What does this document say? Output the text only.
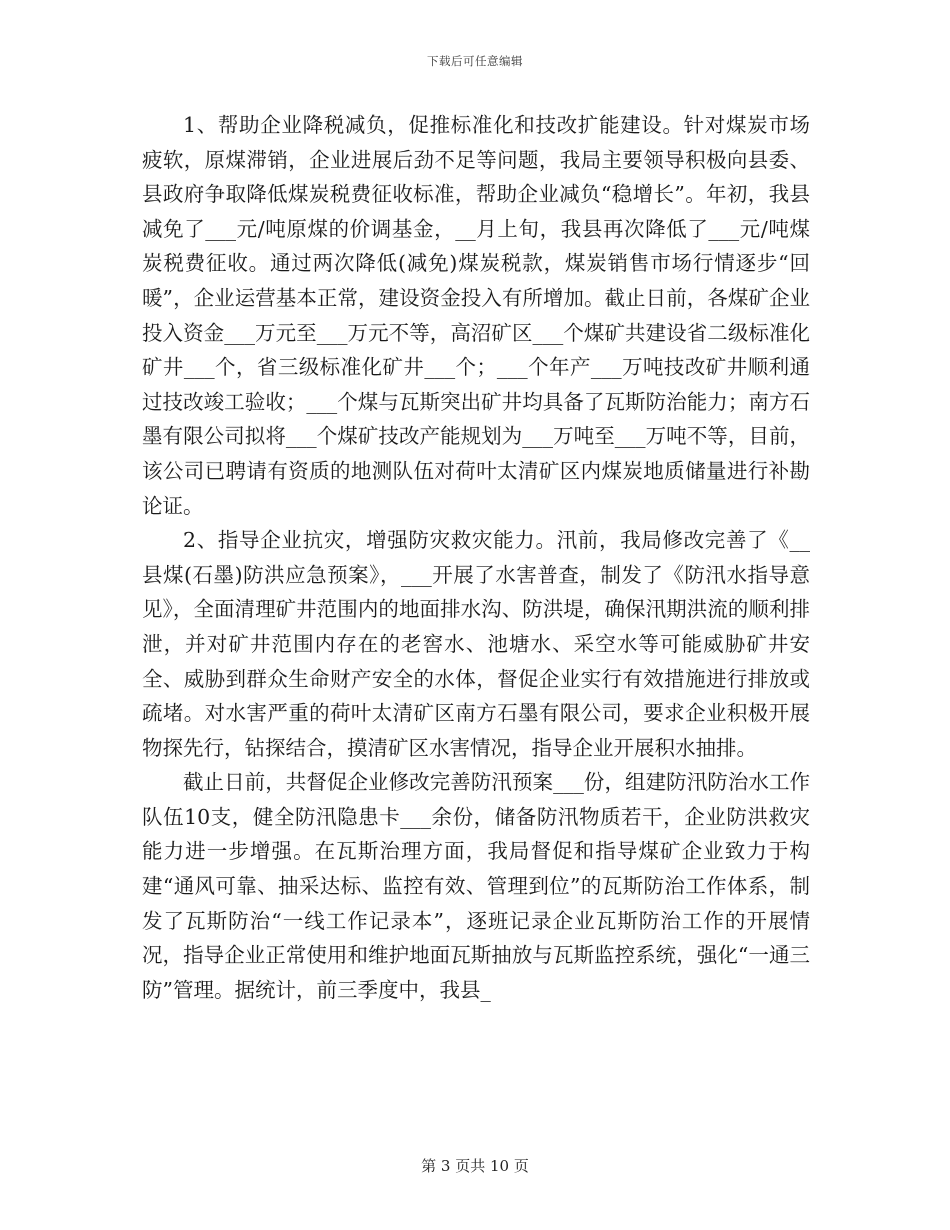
下载后可任意编辑

1、帮助企业降税减负，促推标准化和技改扩能建设。针对煤炭市场疲软，原煤滞销，企业进展后劲不足等问题，我局主要领导积极向县委、县政府争取降低煤炭税费征收标准，帮助企业减负“稳增长”。年初，我县减免了___元/吨原煤的价调基金，__月上旬，我县再次降低了___元/吨煤炭税费征收。通过两次降低(减免)煤炭税款，煤炭销售市场行情逐步“回暖”，企业运营基本正常，建设资金投入有所增加。截止日前，各煤矿企业投入资金___万元至___万元不等，高沼矿区___个煤矿共建设省二级标准化矿井___个，省三级标准化矿井___个；___个年产___万吨技改矿井顺利通过技改竣工验收；___个煤与瓦斯突出矿井均具备了瓦斯防治能力；南方石墨有限公司拟将___个煤矿技改产能规划为___万吨至___万吨不等，目前，该公司已聘请有资质的地测队伍对荷叶太清矿区内煤炭地质储量进行补勘论证。

2、指导企业抗灾，增强防灾救灾能力。汛前，我局修改完善了《__县煤(石墨)防洪应急预案》，___开展了水害普查，制发了《防汛水指导意见》，全面清理矿井范围内的地面排水沟、防洪堤，确保汛期洪流的顺利排泄，并对矿井范围内存在的老窖水、池塘水、采空水等可能威胁矿井安全、威胁到群众生命财产安全的水体，督促企业实行有效措施进行排放或疏堵。对水害严重的荷叶太清矿区南方石墨有限公司，要求企业积极开展物探先行，钻探结合，摸清矿区水害情况，指导企业开展积水抽排。

截止日前，共督促企业修改完善防汛预案___份，组建防汛防治水工作队伍10支，健全防汛隐患卡___余份，储备防汛物质若干，企业防洪救灾能力进一步增强。在瓦斯治理方面，我局督促和指导煤矿企业致力于构建“通风可靠、抽采达标、监控有效、管理到位”的瓦斯防治工作体系，制发了瓦斯防治“一线工作记录本”，逐班记录企业瓦斯防治工作的开展情况，指导企业正常使用和维护地面瓦斯抽放与瓦斯监控系统，强化“一通三防”管理。据统计，前三季度中，我县_

第 3 页共 10 页
